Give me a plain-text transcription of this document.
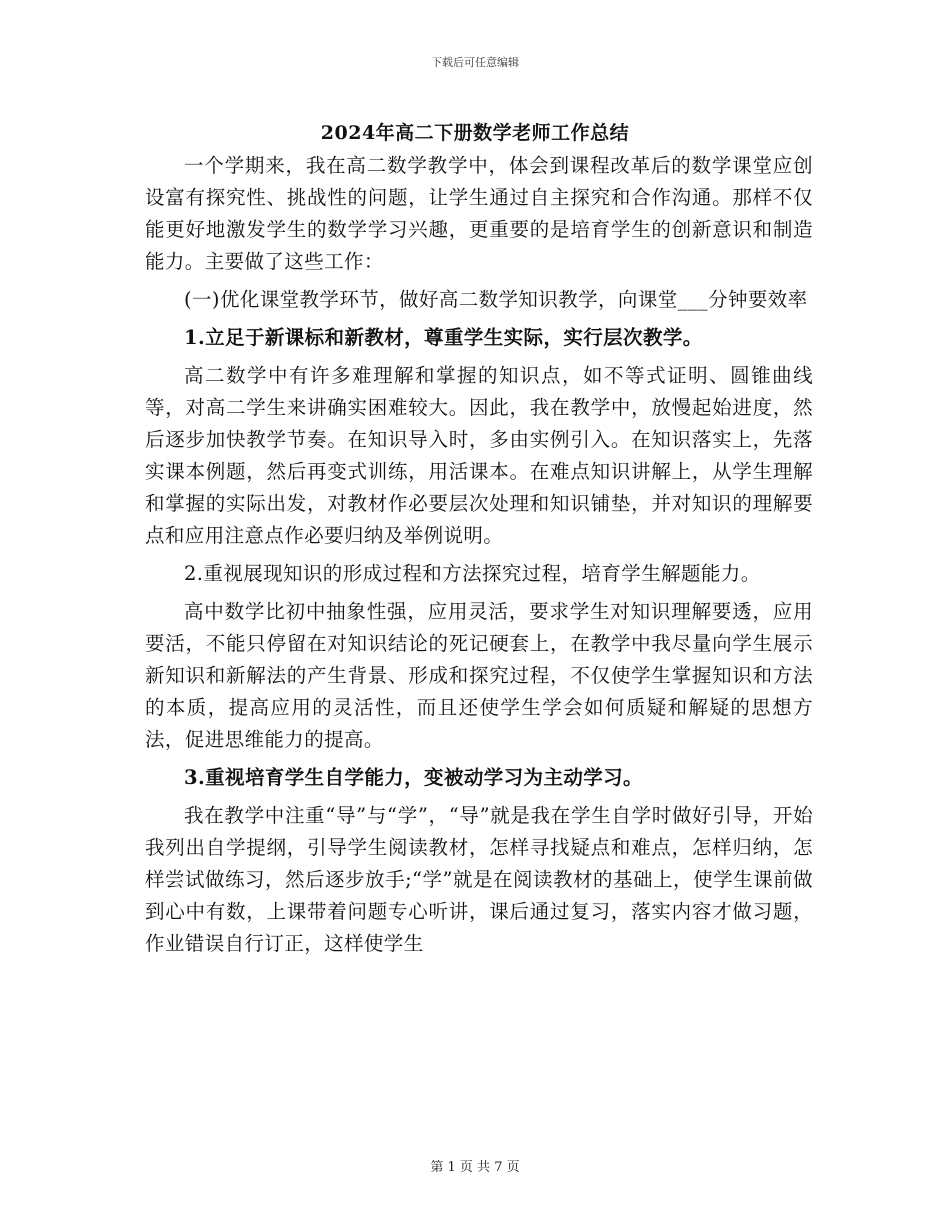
下载后可任意编辑
2024年高二下册数学老师工作总结

一个学期来，我在高二数学教学中，体会到课程改革后的数学课堂应创设富有探究性、挑战性的问题，让学生通过自主探究和合作沟通。那样不仅能更好地激发学生的数学学习兴趣，更重要的是培育学生的创新意识和制造能力。主要做了这些工作：

(一)优化课堂教学环节，做好高二数学知识教学，向课堂___分钟要效率

1.立足于新课标和新教材，尊重学生实际，实行层次教学。

高二数学中有许多难理解和掌握的知识点，如不等式证明、圆锥曲线等，对高二学生来讲确实困难较大。因此，我在教学中，放慢起始进度，然后逐步加快教学节奏。在知识导入时，多由实例引入。在知识落实上，先落实课本例题，然后再变式训练，用活课本。在难点知识讲解上，从学生理解和掌握的实际出发，对教材作必要层次处理和知识铺垫，并对知识的理解要点和应用注意点作必要归纳及举例说明。

2.重视展现知识的形成过程和方法探究过程，培育学生解题能力。

高中数学比初中抽象性强，应用灵活，要求学生对知识理解要透，应用要活，不能只停留在对知识结论的死记硬套上，在教学中我尽量向学生展示新知识和新解法的产生背景、形成和探究过程，不仅使学生掌握知识和方法的本质，提高应用的灵活性，而且还使学生学会如何质疑和解疑的思想方法，促进思维能力的提高。

3.重视培育学生自学能力，变被动学习为主动学习。

我在教学中注重“导”与“学”，“导”就是我在学生自学时做好引导，开始我列出自学提纲，引导学生阅读教材，怎样寻找疑点和难点，怎样归纳，怎样尝试做练习，然后逐步放手;“学”就是在阅读教材的基础上，使学生课前做到心中有数，上课带着问题专心听讲，课后通过复习，落实内容才做习题，作业错误自行订正，这样使学生

第 1 页 共 7 页
